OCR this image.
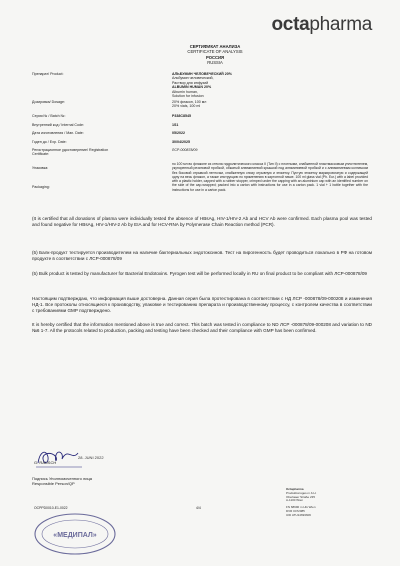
octapharma
СЕРТИФИКАТ АНАЛИЗА
CERTIFICATE OF ANALYSIS
РОССИЯ
RUSSIA
Препарат/ Product:	АЛЬБУМИН ЧЕЛОВЕЧЕСКИЙ 20%
Альбумин человеческий,
Раствор для инфузий
ALBUMIN HUMAN 20%
Albumin human,
Solution for infusion
Дозировка/ Dosage:	20% флакон, 100 мл
20% vials, 100 ml
Серия № / Batch №:	P338C8545
Внутренний код / Internal Code:	1S1
Дата изготовления / Man. Date:	05/2022
Годен до / Exp. Date:	30/04/2025
Регистрационное удостоверение/ Registration Certificate:
ЛСР-000878/09
Упаковка:
Packaging:
по 100 мл во флаконе из стекла гидролитического класса II (Тип II) с плотными, снабженной пластмассовым уплотнителем, укупоренный резиновой пробкой, обжатый алюминиевой крышкой под алюминиевой пробкой и с алюминиевым колпачком без боковой отрывкой ленточки, снабженную снизу отрывную и этикетку. Пустую этикетку маркировочную и содержащей одну на весь флакон, а также инструкцию по применению в картонной пачке. 100 ml glass vial (Ph. Eur.) with a label provided with a plastic holder, capped with a rubber stopper, crimped under the capping with an aluminium cap with an identified number on the side of the cap-wrapped; packed into a carton with instructions for use in a carton pack. 1 vial + 1 bottle together with the instructions for use in a carton pack.
(It is certified that all donations of plasma were individually tested the absence of HBsAg, HIV-1/HIV-2 Ab and HCV Ab were confirmed. Each plasma pool was tested and found negative for HBsAg, HIV-1/HIV-2 Ab by EIA and for HCV-RNA by Polymerase Chain Reaction method (PCR).
(5) Балк-продукт тестируется производителем на наличие бактериальных эндотоксинов. Тест на пирогенность будет проводиться локально в РФ на готовом продукте в соответствии с ЛСР-000878/09
(5) Bulk product is tested by manufacturer for Bacterial Endotoxins. Pyrogen test will be performed locally in RU on final product to be compliant with ЛСР-000878/09
Настоящим подтверждаю, что информация выше достоверна. Данная серия была протестирована в соответствии с НД ЛСР -000878/09-000208 и изменения НД-1. Все протоколы относящиеся к производству, упаковке и тестированию препарата и производственному процессу, с контролем качества в соответствии с требованиями GMP подтверждено.
It is hereby certified that the information mentioned above is true and correct. This batch was tested in compliance to ND ЛСР -000878/09-000208 and variation to ND №6 1-7. All the protocols related to production, packing and testing have been checked and their compliance with GMP has been confirmed.
28. JUNI 2022
G. RAUSCH
Подпись Уполномоченного лица
Responsible Person/QP
Octapharma
Produktionsges.m.b.H.
Oberlaaer Straße 235
A-1100 Wien
FN 68990 m HG Wien
DVR 0472085
UID ATU14693606
OCPPD0010-E1-0022	4/4
«МЕДИПАЛ»
